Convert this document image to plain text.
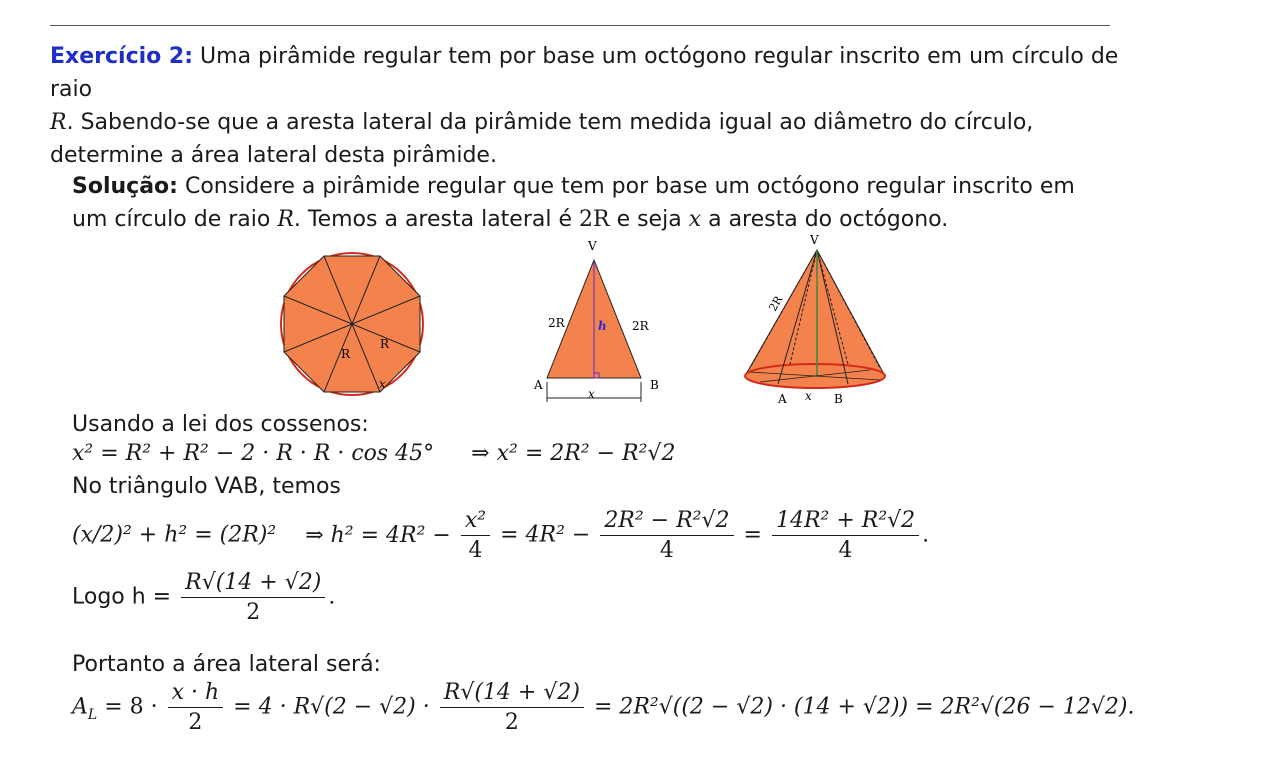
Exercício 2: Uma pirâmide regular tem por base um octógono regular inscrito em um círculo de raio
R. Sabendo-se que a aresta lateral da pirâmide tem medida igual ao diâmetro do círculo, determine a área lateral desta pirâmide.
Solução: Considere a pirâmide regular que tem por base um octógono regular inscrito em um círculo de raio R. Temos a aresta lateral é 2R e seja x a aresta do octógono.
R
R
x
V
A	B
2R	2R
h
x
V
2R
A x B
Usando a lei dos cossenos:
x² = R² + R² − 2 · R · R · cos 45° ⇒ x² = 2R² − R²√2
No triângulo VAB, temos
(x/2)² + h² = (2R)² ⇒ $h^2 = 4R^2 - \frac{\text{x²}}{4} = 4R^2 - \frac{\text{2R² − R²√2}}{4} = \frac{\text{14R² + R²√2}}{4}$ .
Logo $h = \frac{R√(14 + √2)}{2}$ .
Portanto a área lateral será:
$A_L = 8 \cdot \frac{x \cdot h}{2} = 4 \cdot R√(2 - √2) \cdot \frac{R√(14 + √2)}{2} = 2R^2√((2 - √2) \cdot (14 + √2)) = 2R^2√(26 - 12√2)$.
